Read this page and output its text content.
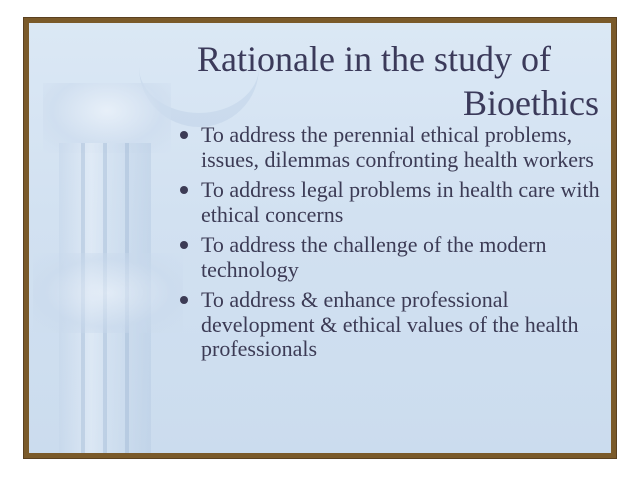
Rationale in the study of
Bioethics
To address the perennial ethical problems, issues, dilemmas confronting health workers
To address legal problems in health care with ethical concerns
To address the challenge of the modern technology
To address & enhance professional development & ethical values of the health professionals
